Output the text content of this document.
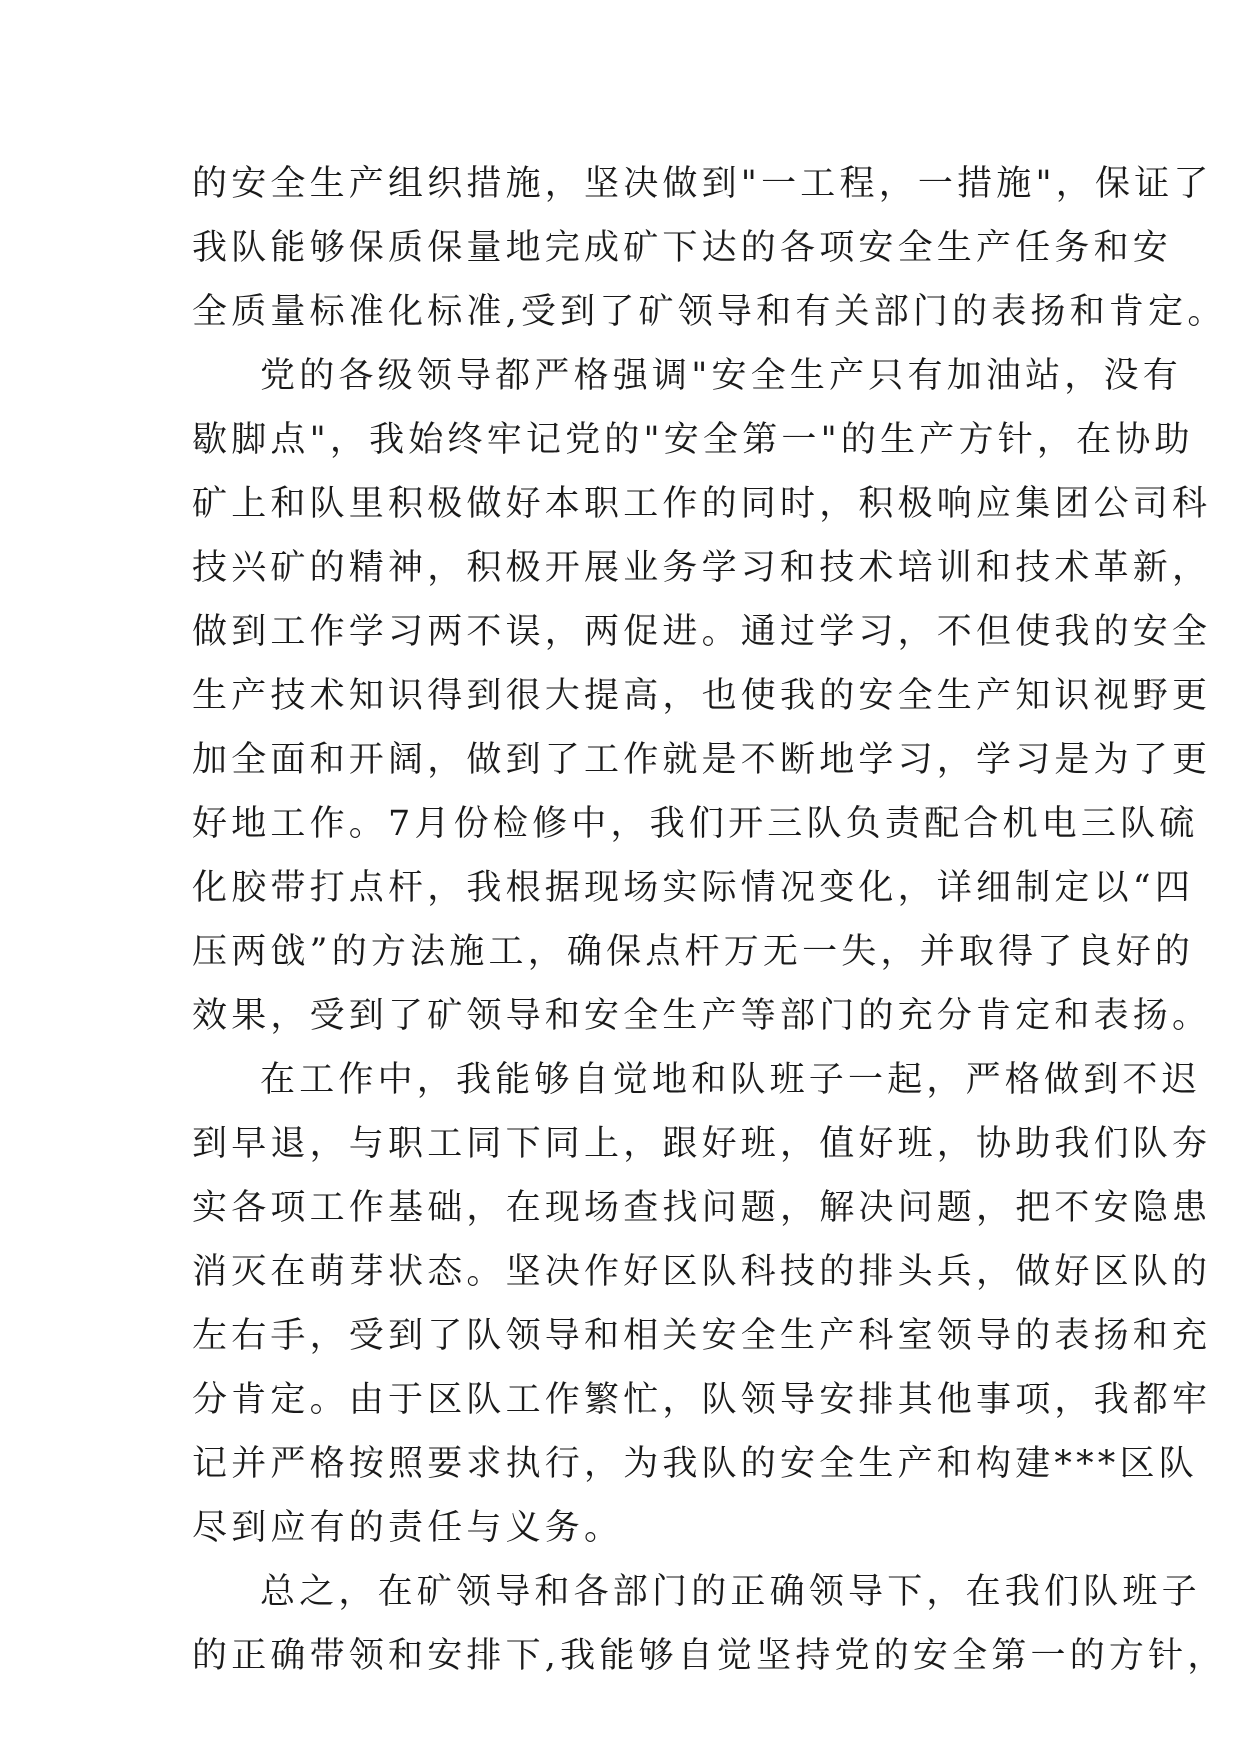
的安全生产组织措施，坚决做到"一工程，一措施"，保证了
我队能够保质保量地完成矿下达的各项安全生产任务和安
全质量标准化标准,受到了矿领导和有关部门的表扬和肯定。
党的各级领导都严格强调"安全生产只有加油站，没有
歇脚点"，我始终牢记党的"安全第一"的生产方针，在协助
矿上和队里积极做好本职工作的同时，积极响应集团公司科
技兴矿的精神，积极开展业务学习和技术培训和技术革新，
做到工作学习两不误，两促进。通过学习，不但使我的安全
生产技术知识得到很大提高，也使我的安全生产知识视野更
加全面和开阔，做到了工作就是不断地学习，学习是为了更
好地工作。7月份检修中，我们开三队负责配合机电三队硫
化胶带打点杆，我根据现场实际情况变化，详细制定以“四
压两戗”的方法施工，确保点杆万无一失，并取得了良好的
效果，受到了矿领导和安全生产等部门的充分肯定和表扬。
在工作中，我能够自觉地和队班子一起，严格做到不迟
到早退，与职工同下同上，跟好班，值好班，协助我们队夯
实各项工作基础，在现场查找问题，解决问题，把不安隐患
消灭在萌芽状态。坚决作好区队科技的排头兵，做好区队的
左右手，受到了队领导和相关安全生产科室领导的表扬和充
分肯定。由于区队工作繁忙，队领导安排其他事项，我都牢
记并严格按照要求执行，为我队的安全生产和构建***区队
尽到应有的责任与义务。
总之，在矿领导和各部门的正确领导下，在我们队班子
的正确带领和安排下,我能够自觉坚持党的安全第一的方针，
